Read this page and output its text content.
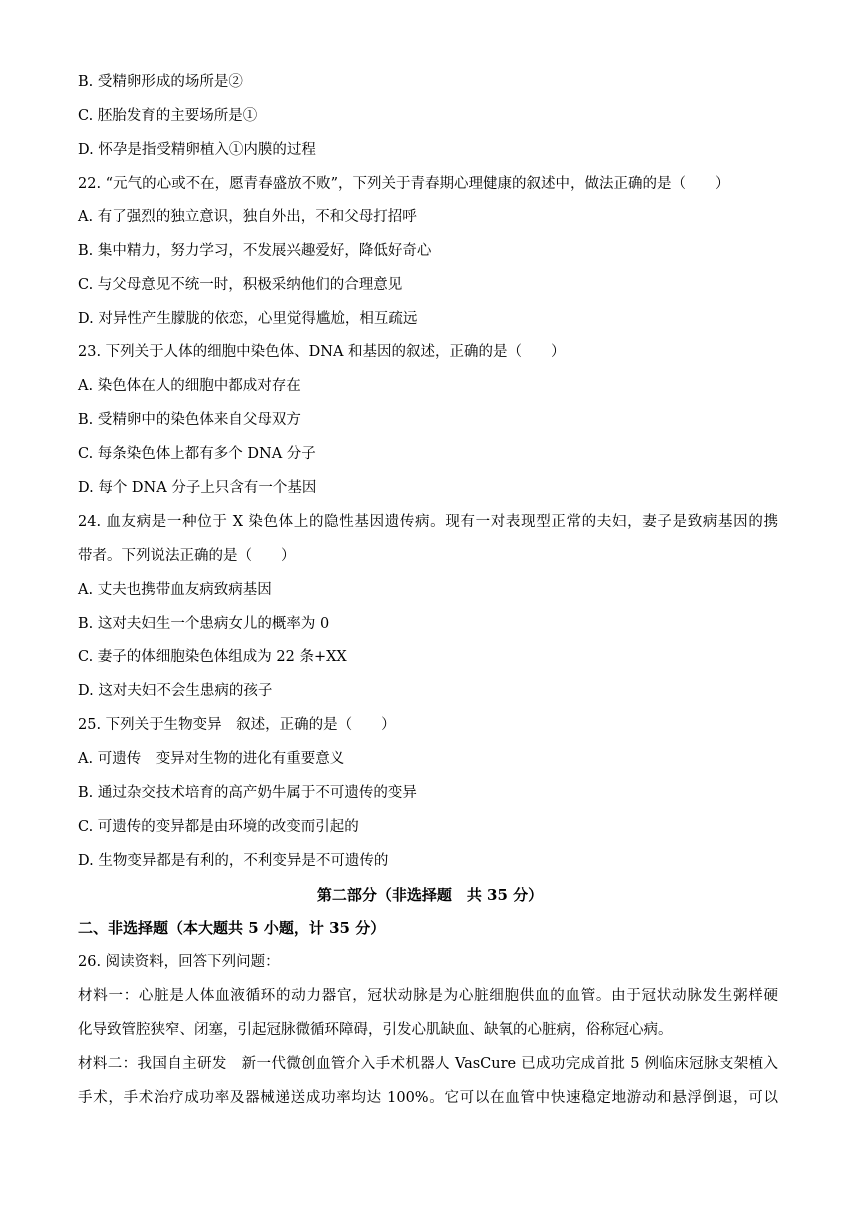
B. 受精卵形成的场所是②
C. 胚胎发育的主要场所是①
D. 怀孕是指受精卵植入①内膜的过程
22. “元气的心或不在，愿青春盛放不败”，下列关于青春期心理健康的叙述中，做法正确的是（　　）
A. 有了强烈的独立意识，独自外出，不和父母打招呼
B. 集中精力，努力学习，不发展兴趣爱好，降低好奇心
C. 与父母意见不统一时，积极采纳他们的合理意见
D. 对异性产生朦胧的依恋，心里觉得尴尬，相互疏远
23. 下列关于人体的细胞中染色体、DNA 和基因的叙述，正确的是（　　）
A. 染色体在人的细胞中都成对存在
B. 受精卵中的染色体来自父母双方
C. 每条染色体上都有多个 DNA 分子
D. 每个 DNA 分子上只含有一个基因
24. 血友病是一种位于 X 染色体上的隐性基因遗传病。现有一对表现型正常的夫妇，妻子是致病基因的携
带者。下列说法正确的是（　　）
A. 丈夫也携带血友病致病基因
B. 这对夫妇生一个患病女儿的概率为 0
C. 妻子的体细胞染色体组成为 22 条+XX
D. 这对夫妇不会生患病的孩子
25. 下列关于生物变异　叙述，正确的是（　　）
A. 可遗传　变异对生物的进化有重要意义
B. 通过杂交技术培育的高产奶牛属于不可遗传的变异
C. 可遗传的变异都是由环境的改变而引起的
D. 生物变异都是有利的，不利变异是不可遗传的
第二部分（非选择题　共 35 分）
二、非选择题（本大题共 5 小题，计 35 分）
26. 阅读资料，回答下列问题：
材料一：心脏是人体血液循环的动力器官，冠状动脉是为心脏细胞供血的血管。由于冠状动脉发生粥样硬
化导致管腔狭窄、闭塞，引起冠脉微循环障碍，引发心肌缺血、缺氧的心脏病，俗称冠心病。
材料二：我国自主研发　新一代微创血管介入手术机器人 VasCure 已成功完成首批 5 例临床冠脉支架植入
手术，手术治疗成功率及器械递送成功率均达 100%。它可以在血管中快速稳定地游动和悬浮倒退，可以
